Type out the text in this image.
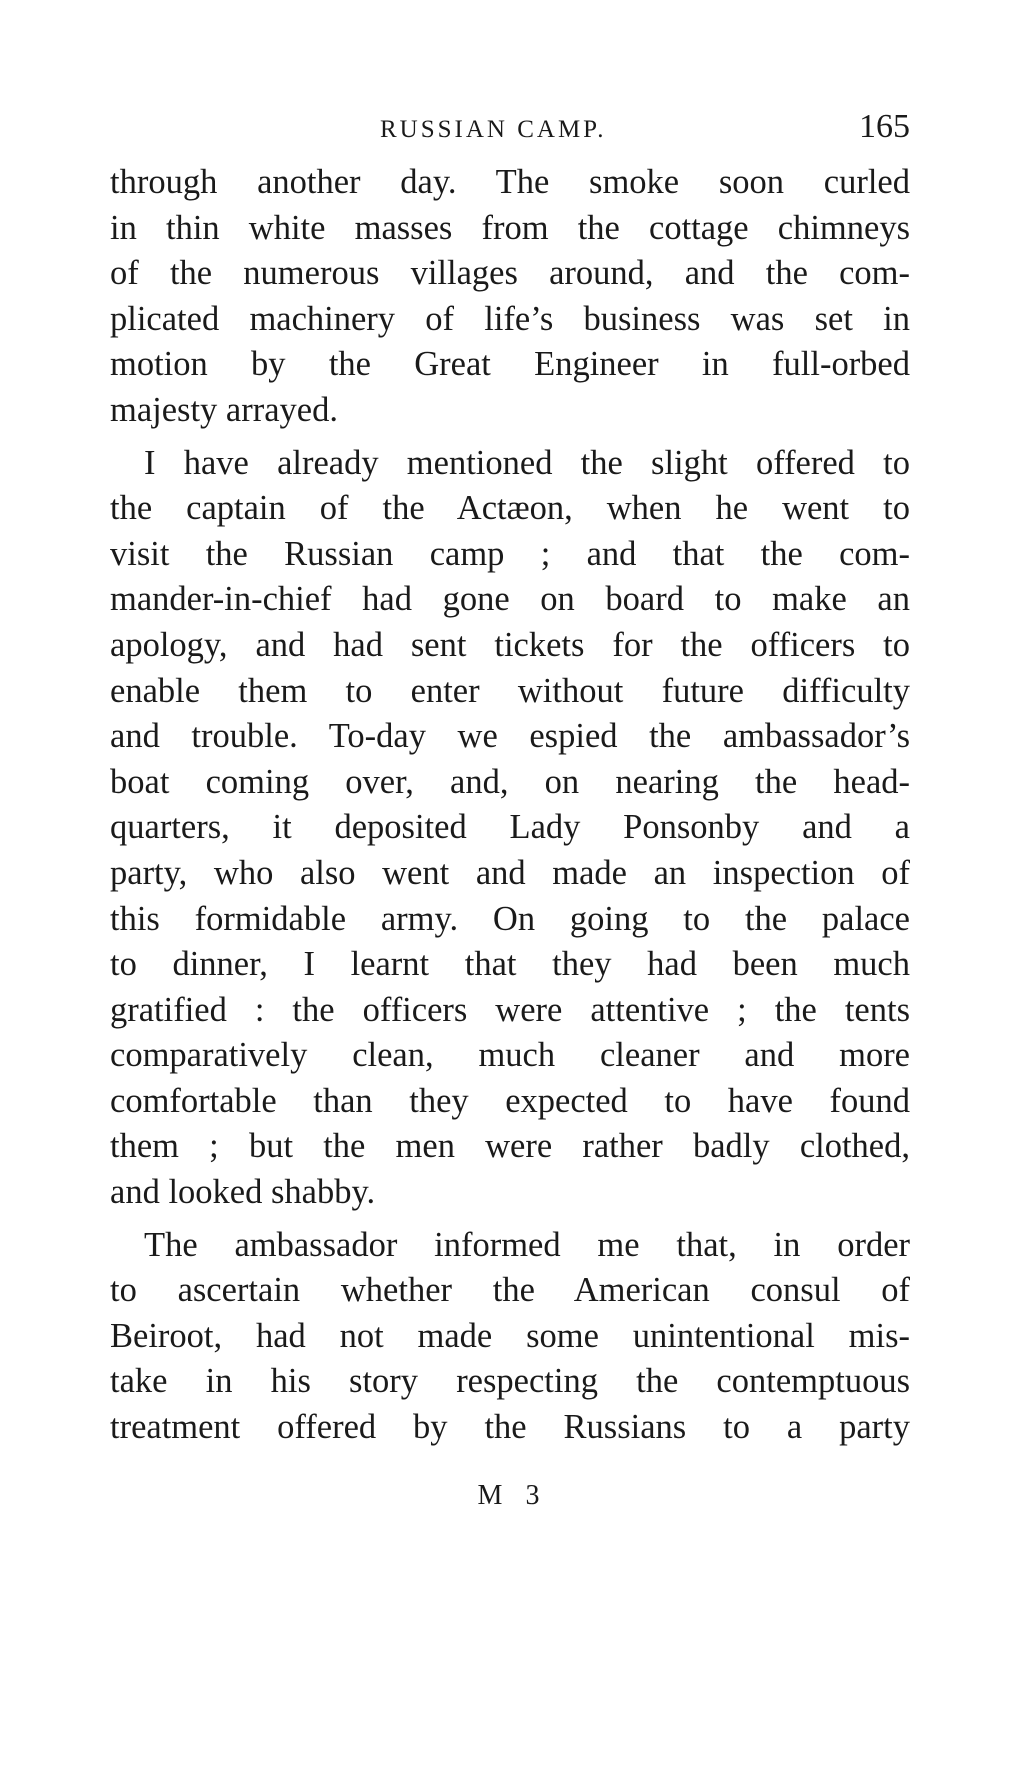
RUSSIAN CAMP.	165
through another day. The smoke soon curled
in thin white masses from the cottage chimneys
of the numerous villages around, and the com-
plicated machinery of life’s business was set in
motion by the Great Engineer in full-orbed
majesty arrayed.
I have already mentioned the slight offered to
the captain of the Actæon, when he went to
visit the Russian camp ; and that the com-
mander-in-chief had gone on board to make an
apology, and had sent tickets for the officers to
enable them to enter without future difficulty
and trouble. To-day we espied the ambassador’s
boat coming over, and, on nearing the head-
quarters, it deposited Lady Ponsonby and a
party, who also went and made an inspection of
this formidable army. On going to the palace
to dinner, I learnt that they had been much
gratified : the officers were attentive ; the tents
comparatively clean, much cleaner and more
comfortable than they expected to have found
them ; but the men were rather badly clothed,
and looked shabby.
The ambassador informed me that, in order
to ascertain whether the American consul of
Beiroot, had not made some unintentional mis-
take in his story respecting the contemptuous
treatment offered by the Russians to a party
M 3
